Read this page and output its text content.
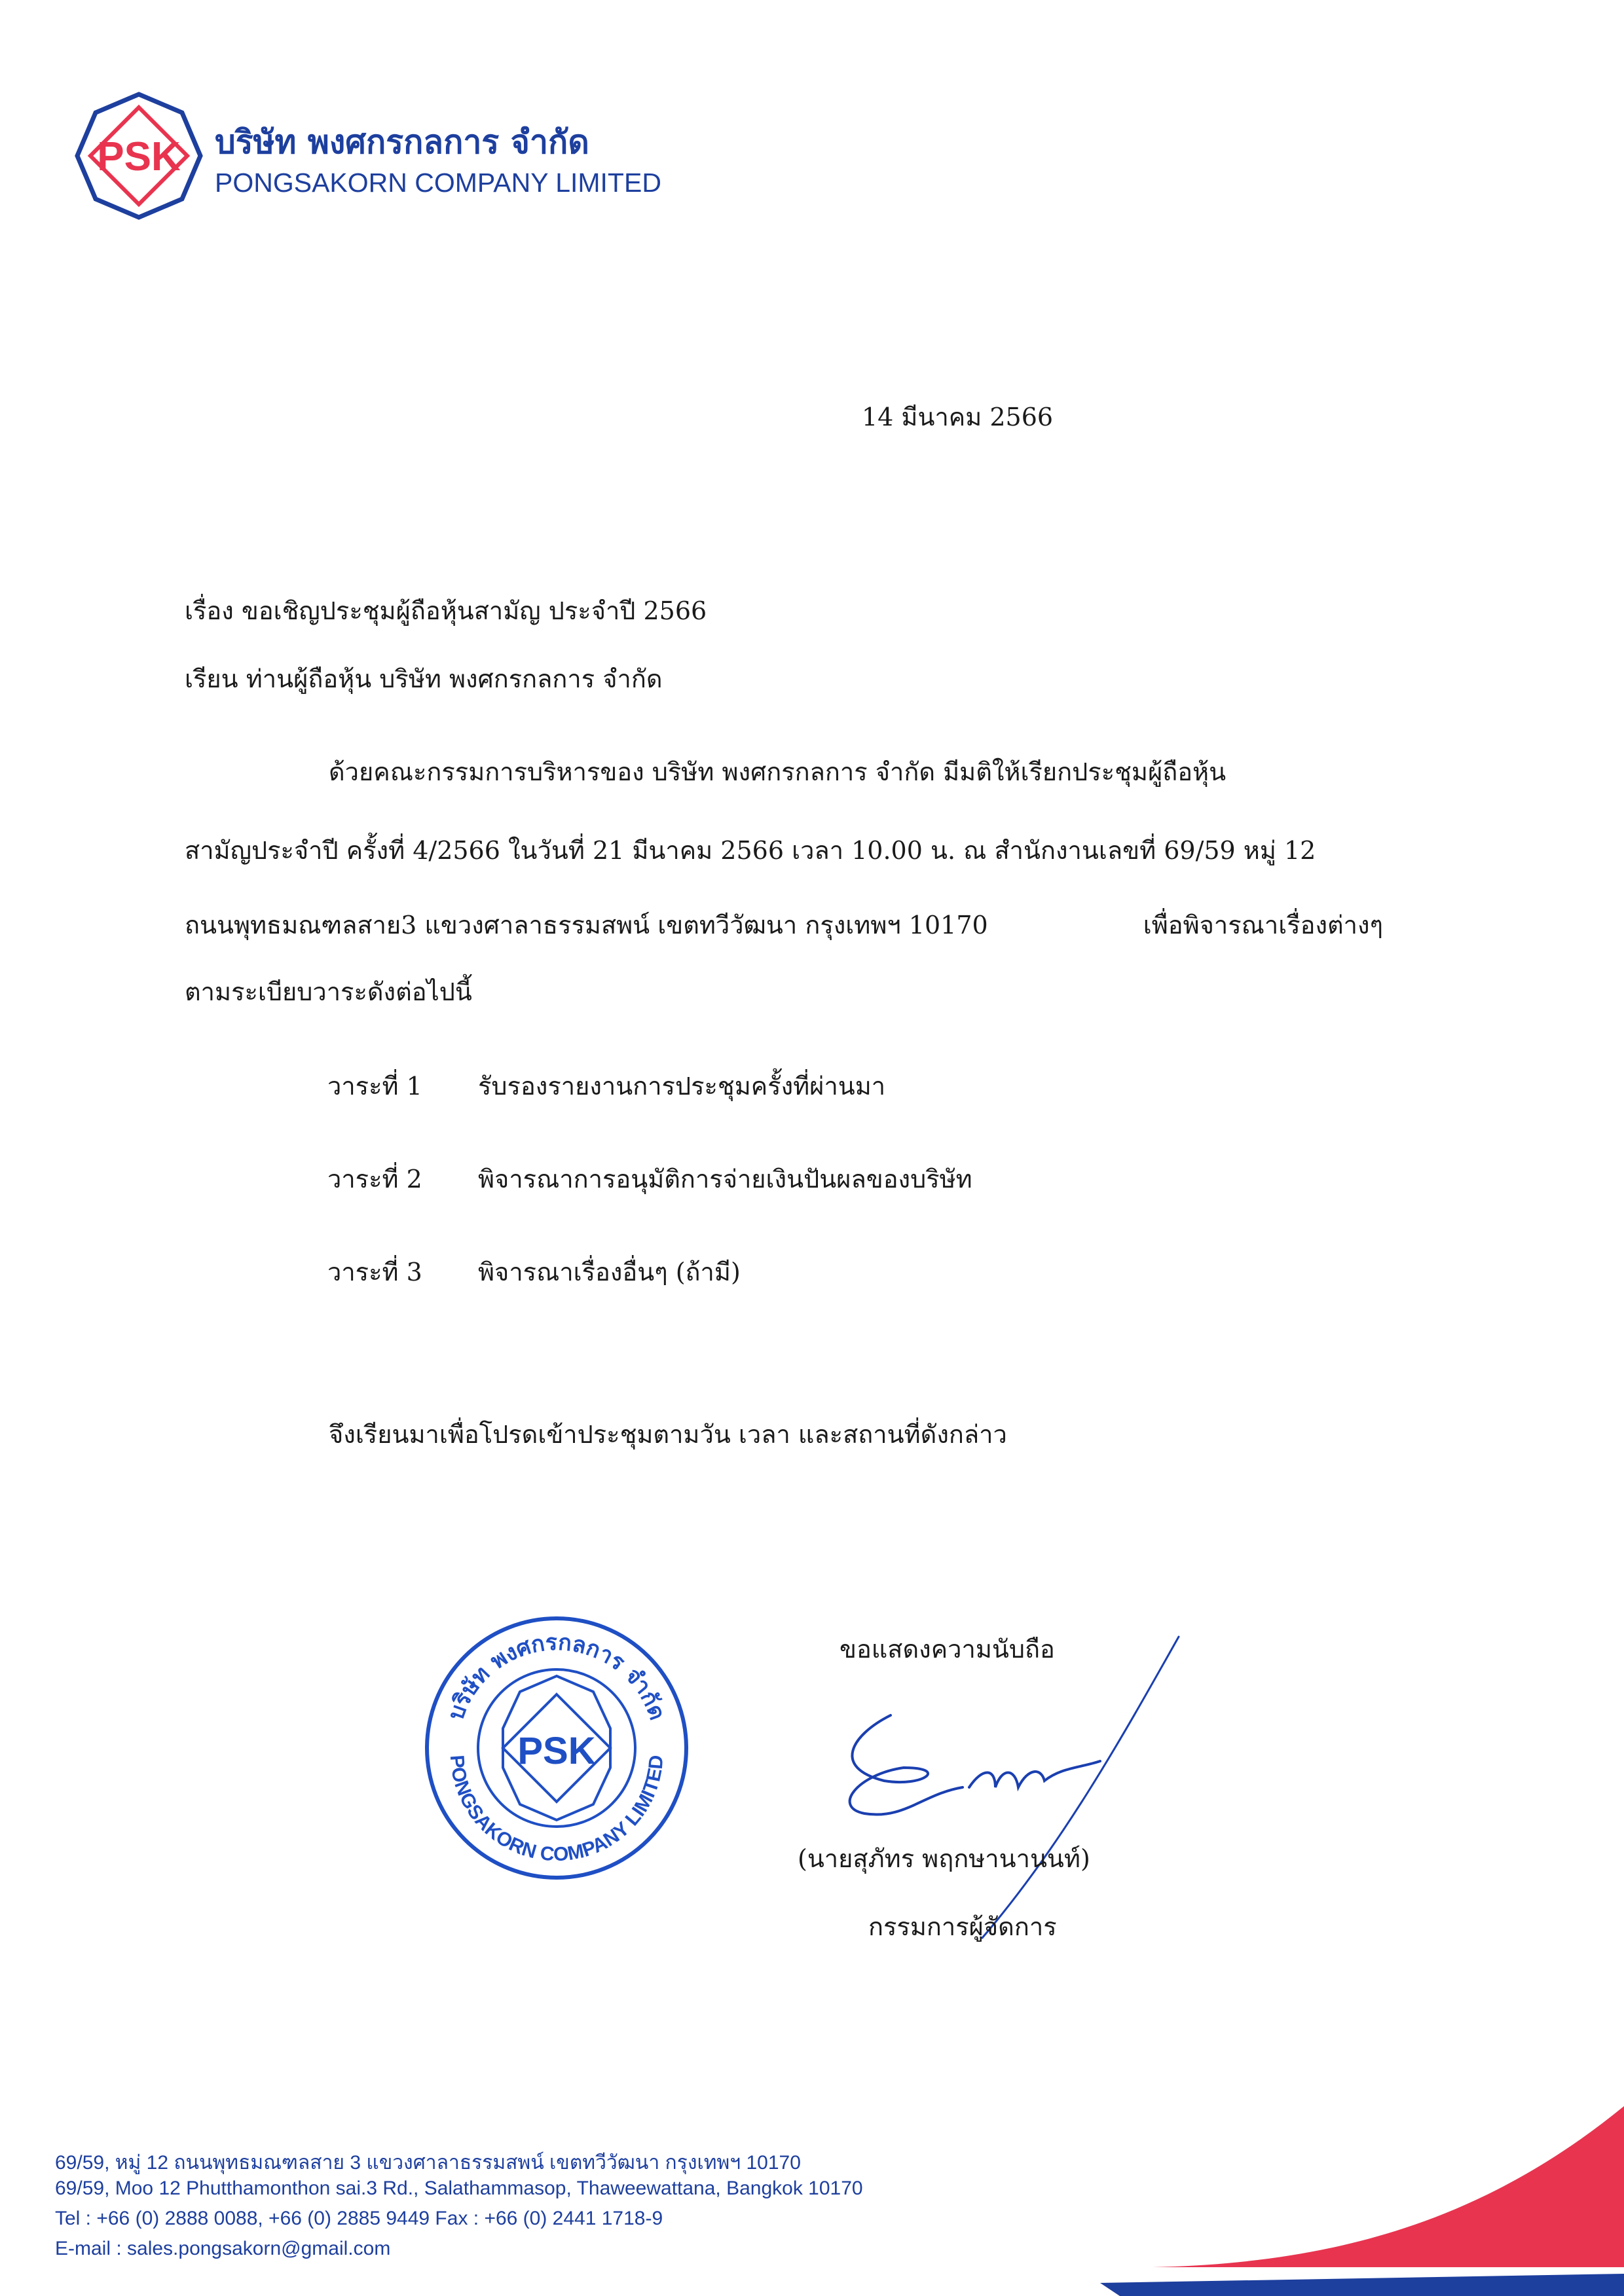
PSK บริษัท พงศกรกลการ จำกัด
PONGSAKORN COMPANY LIMITED
14 มีนาคม 2566
เรื่อง ขอเชิญประชุมผู้ถือหุ้นสามัญ ประจำปี 2566
เรียน ท่านผู้ถือหุ้น บริษัท พงศกรกลการ จำกัด
ด้วยคณะกรรมการบริหารของ บริษัท พงศกรกลการ จำกัด มีมติให้เรียกประชุมผู้ถือหุ้น
สามัญประจำปี ครั้งที่ 4/2566 ในวันที่ 21 มีนาคม 2566 เวลา 10.00 น. ณ สำนักงานเลขที่ 69/59 หมู่ 12
ถนนพุทธมณฑลสาย3 แขวงศาลาธรรมสพน์ เขตทวีวัฒนา กรุงเทพฯ 10170	เพื่อพิจารณาเรื่องต่างๆ
ตามระเบียบวาระดังต่อไปนี้
วาระที่ 1	รับรองรายงานการประชุมครั้งที่ผ่านมา
วาระที่ 2	พิจารณาการอนุมัติการจ่ายเงินปันผลของบริษัท
วาระที่ 3	พิจารณาเรื่องอื่นๆ (ถ้ามี)
จึงเรียนมาเพื่อโปรดเข้าประชุมตามวัน เวลา และสถานที่ดังกล่าว
PSK
บริษัท พงศกรกลการ จำกัด
PONGSAKORN COMPANY LIMITED
ขอแสดงความนับถือ
(นายสุภัทร พฤกษานานนท์)
กรรมการผู้จัดการ
69/59, หมู่ 12 ถนนพุทธมณฑลสาย 3 แขวงศาลาธรรมสพน์ เขตทวีวัฒนา กรุงเทพฯ 10170
69/59, Moo 12 Phutthamonthon sai.3 Rd., Salathammasop, Thaweewattana, Bangkok 10170
Tel : +66 (0) 2888 0088, +66 (0) 2885 9449 Fax : +66 (0) 2441 1718-9
E-mail : sales.pongsakorn@gmail.com
